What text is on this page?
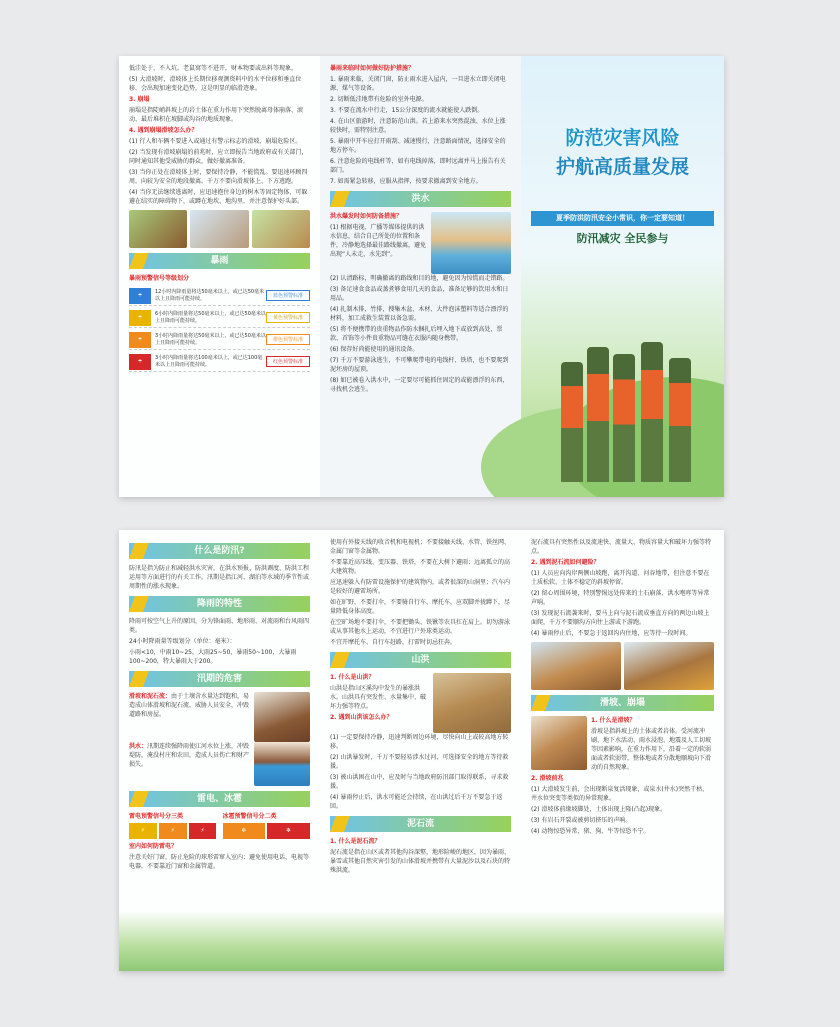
低洼处于、不入坑。老鼠窝等不进开，财本物要或出料等现象。

(5) 大滑坡时，滑坡体上长期位移观测资料中的水平位移和垂直位移，会出现加速变化趋势，这是明显的临滑迹象。

3. 崩塌

崩塌是指陡峭斜坡上的岩土体在重力作用下突然脱离母体崩落、滚动、最后堆积在坡脚或沟谷的地质现象。

4. 遇到崩塌滑坡怎么办？

(1) 行人和车辆不要进入或通过有警示标志的滑坡、崩塌危险区。

(2) 当发现有滑坡崩塌的前兆时，应立即报告当地政府或有关部门，同时通知其他受威胁的群众，做好撤离准备。

(3) 当你正处在滑坡体上时，要保持冷静，不能慌乱。要迅速环顾四周，向较为安全的地段撤离。千万不要向滑坡体上、下方逃跑。

(4) 当你无法继续逃离时，应迅速抱住身边的树木等固定物体，可躲避在结实的障碍物下，或蹲在地坎、地沟里，并注意保护好头部。

暴雨

暴雨预警信号等级划分

☂
12小时内降雨量将达50毫米以上，或已达50毫米以上且降雨可能持续。	蓝色预警标准
☂
6小时内降雨量将达50毫米以上，或已达50毫米以上且降雨可能持续。	黄色预警标准
☂
3小时内降雨量将达50毫米以上，或已达50毫米以上且降雨可能持续。	橙色预警标准
☂
3小时内降雨量将达100毫米以上，或已达100毫米以上且降雨可能持续。	红色预警标准

暴雨来临时如何做好防护措施？

1. 暴雨来临，关闭门窗，防止雨水进入屋内，一旦进水立即关闭电源、煤气等设备。

2. 切断低洼地带有危险的室外电源。

3. 不要在流水中行走，15公分深度的流水就能使人跌倒。

4. 在山区旅游时，注意防范山洪。若上游来水突然混浊、水位上涨较快时，需特别注意。

5. 暴雨中开车应打开雨刮、减速慢行，注意路面情况，选择安全的地方停车。

6. 注意危险的电线杆等，如有电线掉落，即时远离并马上报告有关部门。

7. 如需紧急转移，应服从指挥，按要求撤离到安全地方。

洪水

洪水爆发时如何防备措施？

(1) 根据电视、广播等媒体提供的洪水信息，结合自己所处的位置和条件，冷静地选择最佳路线撤离，避免出现“人未走，水先到”。

(2) 认清路标，明确撤离的路线和目的地，避免因为惊慌而走错路。

(3) 备足速食食品或蒸煮够食用几天的食品，准备足够的饮用水和日用品。

(4) 扎制木排、竹排，搜集木盆、木材、大件泡沫塑料等适合漂浮的材料，加工成救生装置以备急需。

(5) 将不便携带的贵重物品作防水捆扎后埋入地下或放到高处，票款、首饰等小件贵重物品可缝在衣服内随身携带。

(6) 保存好尚能使用的通讯设备。

(7) 千万不要游泳逃生，不可攀爬带电的电线杆、铁塔，也不要爬到泥坯房的屋顶。

(8) 如已被卷入洪水中，一定要尽可能抓住固定的或能漂浮的东西，寻找机会逃生。

防范灾害风险
护航高质量发展
夏季防洪防汛安全小常识，你一定要知道！
防汛减灾 全民参与
什么是防汛?

防汛是指为防止和减轻洪水灾害，在洪水预报、防洪调度、防洪工程运用等方面进行的有关工作。汛期是指江河、湖泊等水域的季节性或周期性的涨水现象。

降雨的特性

降雨可按空气上升的原因，分为锋面雨、地形雨、对流雨和台风雨四类。

24小时降雨量等级划分（单位：毫米）：

小雨<10，中雨10~25，大雨25~50，暴雨50~100，大暴雨100~200，特大暴雨大于200。

汛期的危害

滑坡和泥石流：由于土壤含水量达到饱和，易造成山体滑坡和泥石流，威胁人员安全，冲毁道路和房屋。

洪水：汛期连续强降雨使江河水位上涨，冲毁堤防，淹没村庄和农田，造成人员伤亡和财产损失。

雷电、冰雹

雷电预警信号分三类

⚡	⚡	⚡

冰雹预警信号分二类

❄	❄

室内如何防雷电？

注意关好门窗，防止危险的球形雷窜入室内；避免使用电话、电视等电器，不要靠近门窗和金属管道。

使用有外接天线的收音机和电视机；不要接触天线、水管、铁丝网、金属门窗等金属物。

不要靠近高压线、变压器、铁塔，不要在大树下避雨；远离孤立的高大建筑物。

应迅速躲入有防雷设施保护的建筑物内，或者很深的山洞里；汽车内是较好的避雷场所。

如在旷野，不要打伞，不要骑自行车、摩托车，应双脚并拢蹲下，尽量降低身体高度。

在空旷场地不要打伞，不要把锄头、铁锹等农具扛在肩上。切勿游泳或从事其他水上运动，不宜进行户外球类运动。

不宜开摩托车、自行车赶路，打雷时切忌狂奔。

山洪

1. 什么是山洪？

山洪是指山区溪沟中发生的暴涨洪水。山洪具有突发性、水量集中、破坏力强等特点。

2. 遇到山洪该怎么办？

(1) 一定要保持冷静，迅速判断周边环境，尽快向山上或较高地方转移。

(2) 山洪暴发时，千万不要轻易涉水过河，可选择安全的地方等待救援。

(3) 被山洪困在山中，应及时与当地政府防汛部门取得联系，寻求救援。

(4) 暴雨停止后，洪水可能还会持续，在山洪过后千万不要急于返回。

泥石流

1. 什么是泥石流？

泥石流是指在山区或者其他沟谷深壑，地形险峻的地区，因为暴雨、暴雪或其他自然灾害引发的山体滑坡并携带有大量泥沙以及石块的特殊洪流。

泥石流具有突然性以及流速快、流量大、物质容量大和破坏力强等特点。

2. 遇到泥石流如何避险？

(1) 人员应向沟岸两侧山坡跑，离开沟道、河谷地带，但注意不要在土质松软、土体不稳定的斜坡停留。

(2) 留心周围环境，特别警惕远处传来的土石崩落、洪水咆哮等异常声响。

(3) 发现泥石流袭来时，要马上向与泥石流成垂直方向的两边山坡上面爬，千万不要顺沟方向往上游或下游跑。

(4) 暴雨停止后，不要急于返回沟内住地，应等待一段时间。

滑坡、崩塌

1. 什么是滑坡？

滑坡是指斜坡上的土体或者岩体，受河流冲刷、地下水活动、雨水浸泡、地震及人工切坡等因素影响，在重力作用下，沿着一定的软弱面或者软弱带，整体地或者分散地顺坡向下滑动的自然现象。

2. 滑坡前兆

(1) 大滑坡发生前，会出现断泉复活现象，或泉水(井水)突然干枯、井水位突变等类似的异常现象。

(2) 滑坡体前缘坡脚处，土体出现上隆(凸起)现象。

(3) 有岩石开裂或被剪切挤压的声响。

(4) 动物惊恐异常，猪、狗、牛等惊恐不宁。
